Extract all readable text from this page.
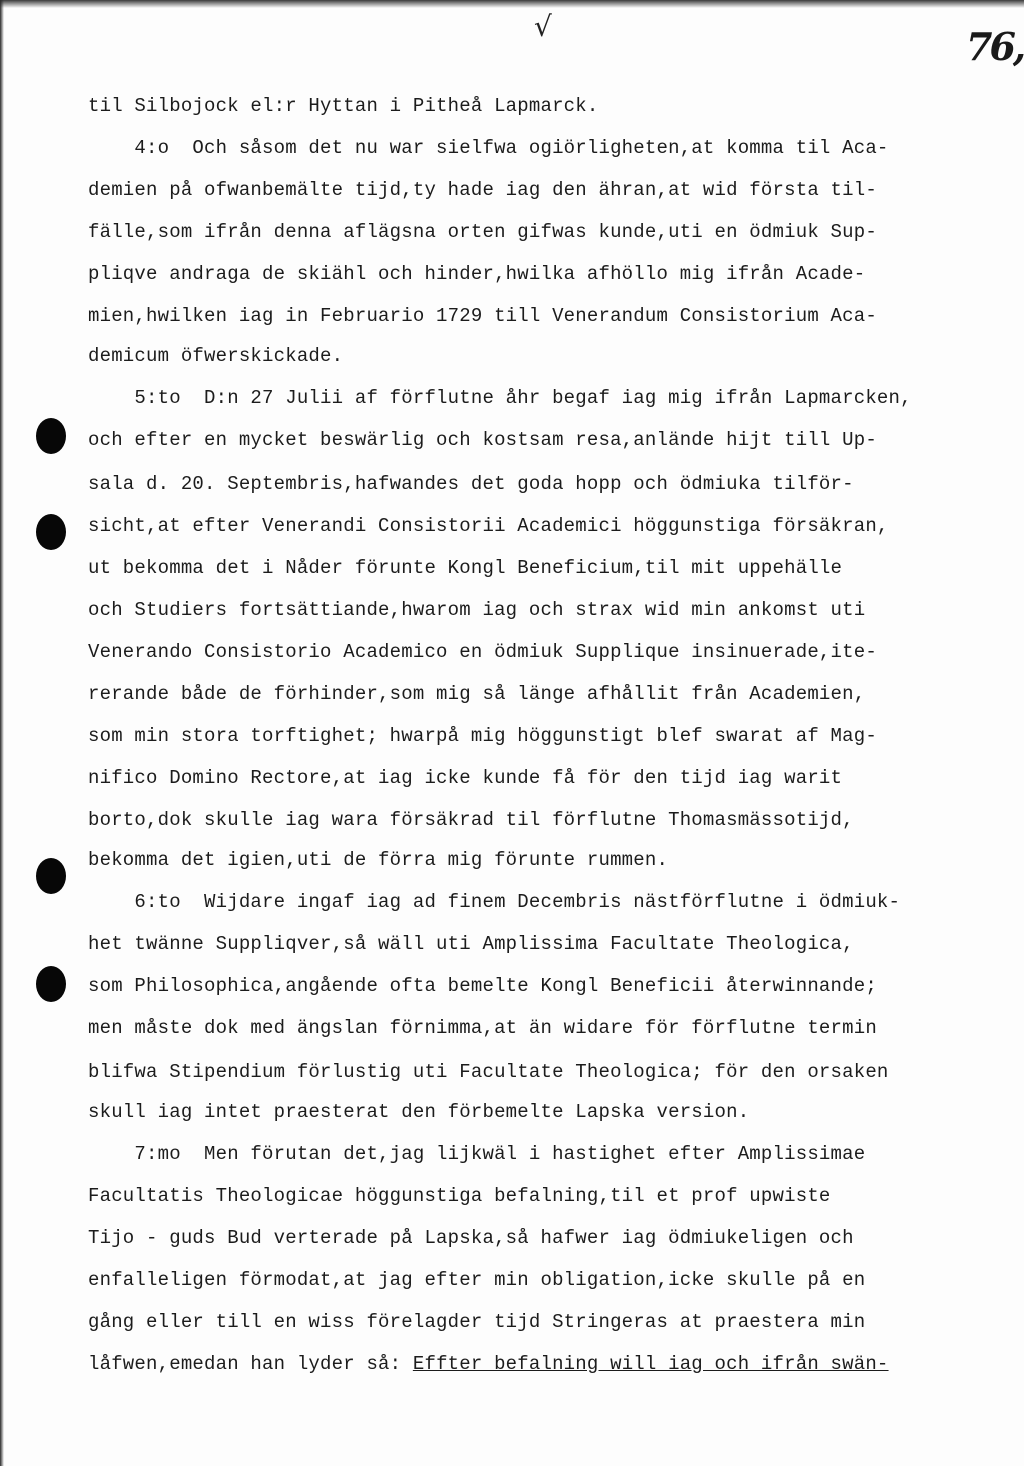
√	76,

til Silbojock el:r Hyttan i Pitheå Lapmarck.

4:o  Och såsom det nu war sielfwa ogiörligheten,at komma til Aca-

demien på ofwanbemälte tijd,ty hade iag den ähran,at wid första til-

fälle,som ifrån denna aflägsna orten gifwas kunde,uti en ödmiuk Sup-

pliqve andraga de skiähl och hinder,hwilka afhöllo mig ifrån Acade-

mien,hwilken iag in Februario 1729 till Venerandum Consistorium Aca-

demicum öfwerskickade.

5:to  D:n 27 Julii af förflutne åhr begaf iag mig ifrån Lapmarcken,

och efter en mycket beswärlig och kostsam resa,anlände hijt till Up-

sala d. 20. Septembris,hafwandes det goda hopp och ödmiuka tilför-

sicht,at efter Venerandi Consistorii Academici höggunstiga försäkran,

ut bekomma det i Nåder förunte Kongl Beneficium,til mit uppehälle

och Studiers fortsättiande,hwarom iag och strax wid min ankomst uti

Venerando Consistorio Academico en ödmiuk Supplique insinuerade,ite-

rerande både de förhinder,som mig så länge afhållit från Academien,

som min stora torftighet; hwarpå mig höggunstigt blef swarat af Mag-

nifico Domino Rectore,at iag icke kunde få för den tijd iag warit

borto,dok skulle iag wara försäkrad til förflutne Thomasmässotijd,

bekomma det igien,uti de förra mig förunte rummen.

6:to  Wijdare ingaf iag ad finem Decembris nästförflutne i ödmiuk-

het twänne Suppliqver,så wäll uti Amplissima Facultate Theologica,

som Philosophica,angående ofta bemelte Kongl Beneficii återwinnande;

men måste dok med ängslan förnimma,at än widare för förflutne termin

blifwa Stipendium förlustig uti Facultate Theologica; för den orsaken

skull iag intet praesterat den förbemelte Lapska version.

7:mo  Men förutan det,jag lijkwäl i hastighet efter Amplissimae

Facultatis Theologicae höggunstiga befalning,til et prof upwiste

Tijo - guds Bud verterade på Lapska,så hafwer iag ödmiukeligen och

enfalleligen förmodat,at jag efter min obligation,icke skulle på en

gång eller till en wiss förelagder tijd Stringeras at praestera min

låfwen,emedan han lyder så: Effter befalning will iag och ifrån swän-
